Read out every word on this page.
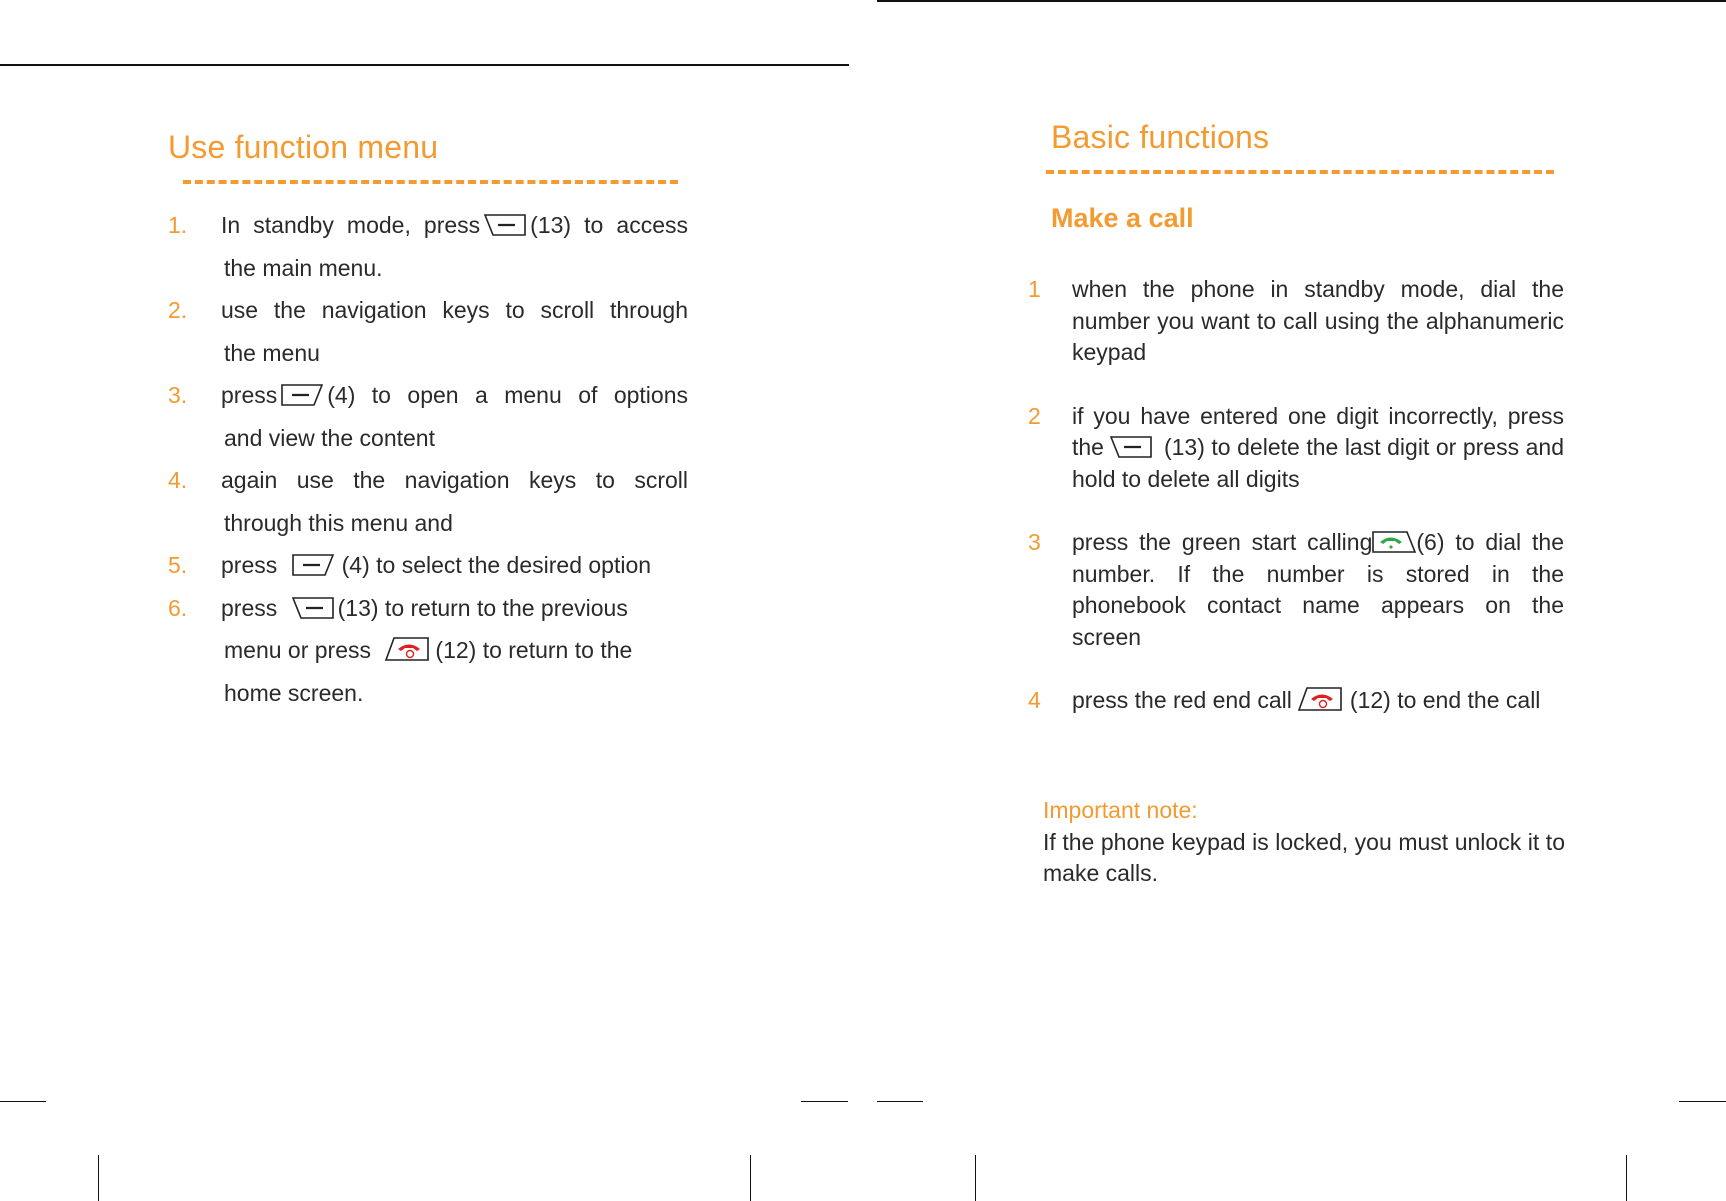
Use function menu
1. In standby mode, press (13) to access
the main menu.
2. use the navigation keys to scroll through
the menu
3. press (4) to open a menu of options
and view the content
4. again use the navigation keys to scroll
through this menu and
5. press	(4) to select the desired option
6. press	(13) to return to the previous
menu or press	(12) to return to the
home screen.
Basic functions
Make a call
1 when the phone in standby mode, dial the number you want to call using the alphanumeric keypad
2 if you have entered one digit incorrectly, press the	(13) to delete the last digit or press and hold to delete all digits
3 press the green start calling (6) to dial the number. If the number is stored in the phonebook contact name appears on the screen
4 press the red end call	(12) to end the call
Important note:
If the phone keypad is locked, you must unlock it to make calls.
